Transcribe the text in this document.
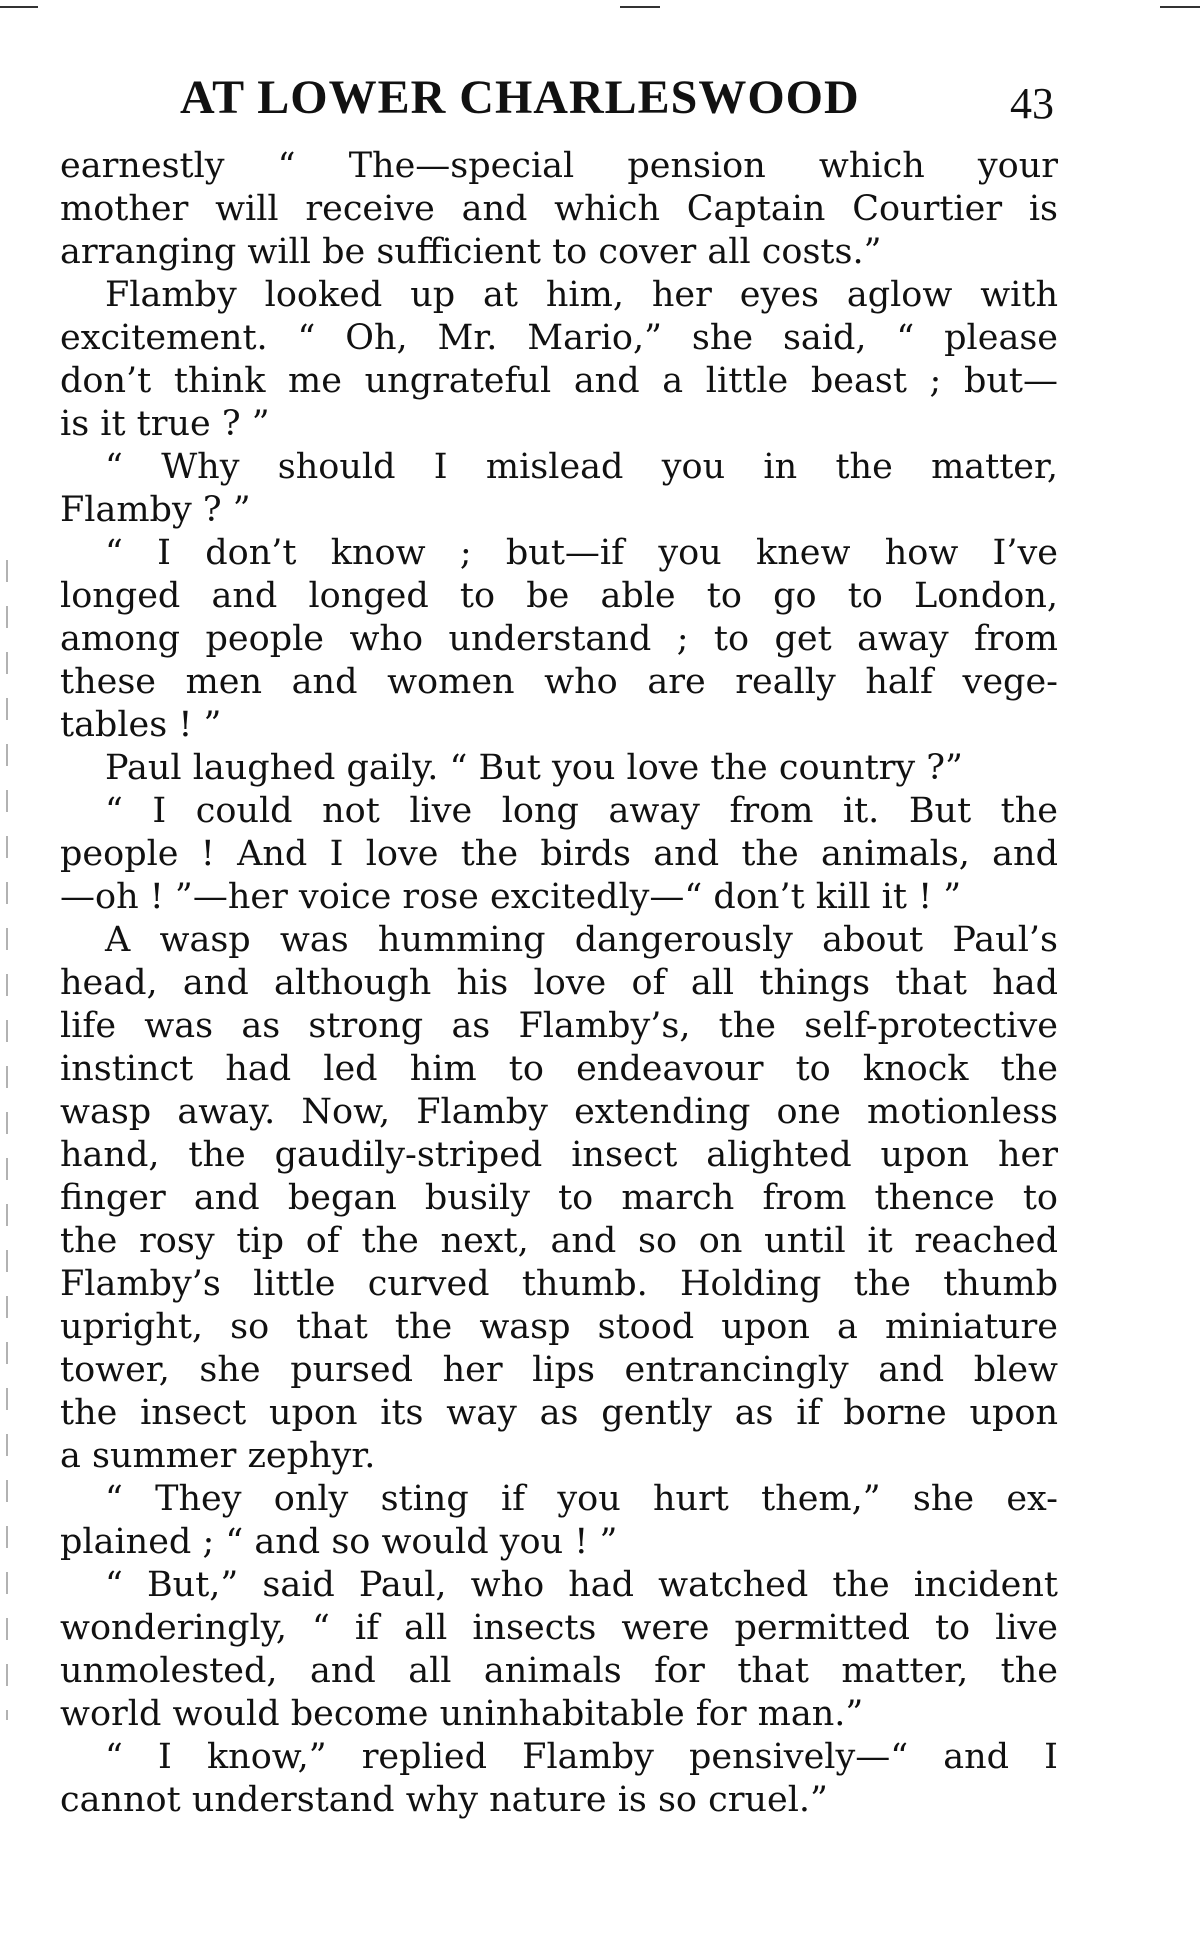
AT LOWER CHARLESWOOD	43
earnestly “ The—special pension which your
mother will receive and which Captain Courtier is
arranging will be sufficient to cover all costs.”
Flamby looked up at him, her eyes aglow with
excitement. “ Oh, Mr. Mario,” she said, “ please
don’t think me ungrateful and a little beast ; but—
is it true ? ”
“ Why should I mislead you in the matter,
Flamby ? ”
“ I don’t know ; but—if you knew how I’ve
longed and longed to be able to go to London,
among people who understand ; to get away from
these men and women who are really half vege-
tables ! ”
Paul laughed gaily. “ But you love the country ?”
“ I could not live long away from it. But the
people ! And I love the birds and the animals, and
—oh ! ”—her voice rose excitedly—“ don’t kill it ! ”
A wasp was humming dangerously about Paul’s
head, and although his love of all things that had
life was as strong as Flamby’s, the self-protective
instinct had led him to endeavour to knock the
wasp away. Now, Flamby extending one motionless
hand, the gaudily-striped insect alighted upon her
finger and began busily to march from thence to
the rosy tip of the next, and so on until it reached
Flamby’s little curved thumb. Holding the thumb
upright, so that the wasp stood upon a miniature
tower, she pursed her lips entrancingly and blew
the insect upon its way as gently as if borne upon
a summer zephyr.
“ They only sting if you hurt them,” she ex-
plained ; “ and so would you ! ”
“ But,” said Paul, who had watched the incident
wonderingly, “ if all insects were permitted to live
unmolested, and all animals for that matter, the
world would become uninhabitable for man.”
“ I know,” replied Flamby pensively—“ and I
cannot understand why nature is so cruel.”
